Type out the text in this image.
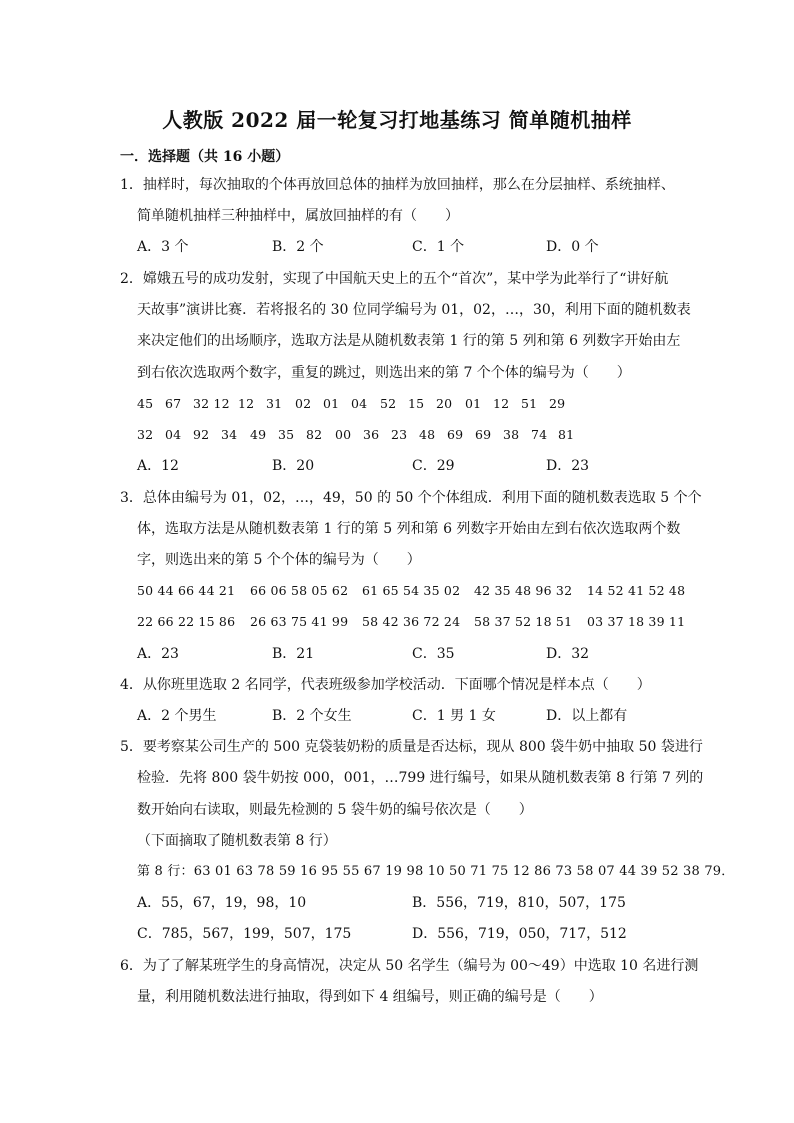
人教版 2022 届一轮复习打地基练习 简单随机抽样
一．选择题（共 16 小题）
1．抽样时，每次抽取的个体再放回总体的抽样为放回抽样，那么在分层抽样、系统抽样、
简单随机抽样三种抽样中，属放回抽样的有（　　）
A．3 个	B．2 个	C．1 个	D．0 个
2．嫦娥五号的成功发射，实现了中国航天史上的五个“首次”，某中学为此举行了“讲好航
天故事”演讲比赛．若将报名的 30 位同学编号为 01，02，…，30，利用下面的随机数表
来决定他们的出场顺序，选取方法是从随机数表第 1 行的第 5 列和第 6 列数字开始由左
到右依次选取两个数字，重复的跳过，则选出来的第 7 个个体的编号为（　　）
45 67 32 12 12 31 02 01 04 52 15 20 01 12 51 29
32 04 92 34 49 35 82 00 36 23 48 69 69 38 74 81
A．12	B．20	C．29	D．23
3．总体由编号为 01，02，…，49，50 的 50 个个体组成．利用下面的随机数表选取 5 个个
体，选取方法是从随机数表第 1 行的第 5 列和第 6 列数字开始由左到右依次选取两个数
字，则选出来的第 5 个个体的编号为（　　）
50 44 66 44 21 66 06 58 05 62 61 65 54 35 02 42 35 48 96 32 14 52 41 52 48
22 66 22 15 86 26 63 75 41 99 58 42 36 72 24 58 37 52 18 51 03 37 18 39 11
A．23	B．21	C．35	D．32
4．从你班里选取 2 名同学，代表班级参加学校活动．下面哪个情况是样本点（　　）
A．2 个男生	B．2 个女生	C．1 男 1 女	D．以上都有
5．要考察某公司生产的 500 克袋装奶粉的质量是否达标，现从 800 袋牛奶中抽取 50 袋进行
检验．先将 800 袋牛奶按 000，001，…799 进行编号，如果从随机数表第 8 行第 7 列的
数开始向右读取，则最先检测的 5 袋牛奶的编号依次是（　　）
（下面摘取了随机数表第 8 行）
第 8 行：63 01 63 78 59 16 95 55 67 19 98 10 50 71 75 12 86 73 58 07 44 39 52 38 79．
A．55，67，19，98，10	B．556，719，810，507，175
C．785，567，199，507，175	D．556，719，050，717，512
6．为了了解某班学生的身高情况，决定从 50 名学生（编号为 00～49）中选取 10 名进行测
量，利用随机数法进行抽取，得到如下 4 组编号，则正确的编号是（　　）
